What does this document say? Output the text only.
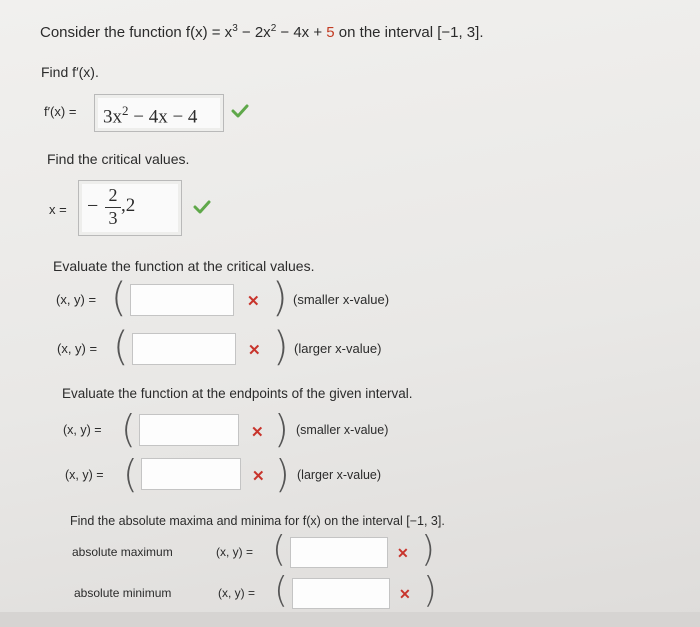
Consider the function $f(x) = x^3 - 2x^2 - 4x + 5$ on the interval [−1, 3].
Find f′(x).
$f'(x) = 3x^2 - 4x - 4$
Find the critical values.
x = − $\frac{2}{3} ,2$
Evaluate the function at the critical values.
(x, y) = (	✕ ) (smaller x-value)
(x, y) = (	✕ ) (larger x-value)
Evaluate the function at the endpoints of the given interval.
(x, y) = (	✕ ) (smaller x-value)
(x, y) = (	✕ ) (larger x-value)
Find the absolute maxima and minima for f(x) on the interval [−1, 3].
absolute maximum	(x, y) = (	✕ )
absolute minimum	(x, y) = (	✕ )
